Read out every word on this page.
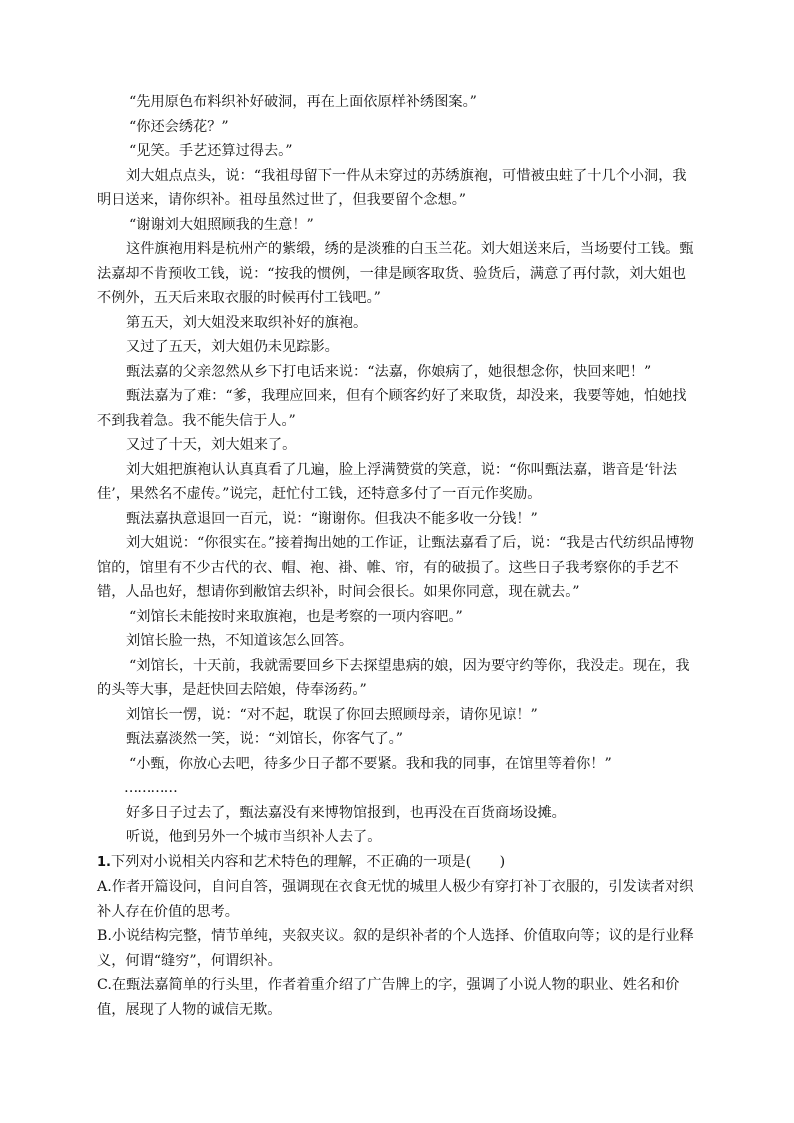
“先用原色布料织补好破洞，再在上面依原样补绣图案。”

“你还会绣花？”

“见笑。手艺还算过得去。”

刘大姐点点头，说：“我祖母留下一件从未穿过的苏绣旗袍，可惜被虫蛀了十几个小洞，我明日送来，请你织补。祖母虽然过世了，但我要留个念想。”

“谢谢刘大姐照顾我的生意！”

这件旗袍用料是杭州产的紫缎，绣的是淡雅的白玉兰花。刘大姐送来后，当场要付工钱。甄法嘉却不肯预收工钱，说：“按我的惯例，一律是顾客取货、验货后，满意了再付款，刘大姐也不例外，五天后来取衣服的时候再付工钱吧。”

第五天，刘大姐没来取织补好的旗袍。

又过了五天，刘大姐仍未见踪影。

甄法嘉的父亲忽然从乡下打电话来说：“法嘉，你娘病了，她很想念你，快回来吧！”

甄法嘉为了难：“爹，我理应回来，但有个顾客约好了来取货，却没来，我要等她，怕她找不到我着急。我不能失信于人。”

又过了十天，刘大姐来了。

刘大姐把旗袍认认真真看了几遍，脸上浮满赞赏的笑意，说：“你叫甄法嘉，谐音是‘针法佳’，果然名不虚传。”说完，赶忙付工钱，还特意多付了一百元作奖励。

甄法嘉执意退回一百元，说：“谢谢你。但我决不能多收一分钱！”

刘大姐说：“你很实在。”接着掏出她的工作证，让甄法嘉看了后，说：“我是古代纺织品博物馆的，馆里有不少古代的衣、帽、袍、褂、帷、帘，有的破损了。这些日子我考察你的手艺不错，人品也好，想请你到敝馆去织补，时间会很长。如果你同意，现在就去。”

“刘馆长未能按时来取旗袍，也是考察的一项内容吧。”

刘馆长脸一热，不知道该怎么回答。

“刘馆长，十天前，我就需要回乡下去探望患病的娘，因为要守约等你，我没走。现在，我的头等大事，是赶快回去陪娘，侍奉汤药。”

刘馆长一愣，说：“对不起，耽误了你回去照顾母亲，请你见谅！”

甄法嘉淡然一笑，说：“刘馆长，你客气了。”

“小甄，你放心去吧，待多少日子都不要紧。我和我的同事，在馆里等着你！”

…………

好多日子过去了，甄法嘉没有来博物馆报到，也再没在百货商场设摊。

听说，他到另外一个城市当织补人去了。

1.下列对小说相关内容和艺术特色的理解，不正确的一项是(　　)

A.作者开篇设问，自问自答，强调现在衣食无忧的城里人极少有穿打补丁衣服的，引发读者对织补人存在价值的思考。

B.小说结构完整，情节单纯，夹叙夹议。叙的是织补者的个人选择、价值取向等；议的是行业释义，何谓“缝穷”，何谓织补。

C.在甄法嘉简单的行头里，作者着重介绍了广告牌上的字，强调了小说人物的职业、姓名和价值，展现了人物的诚信无欺。
